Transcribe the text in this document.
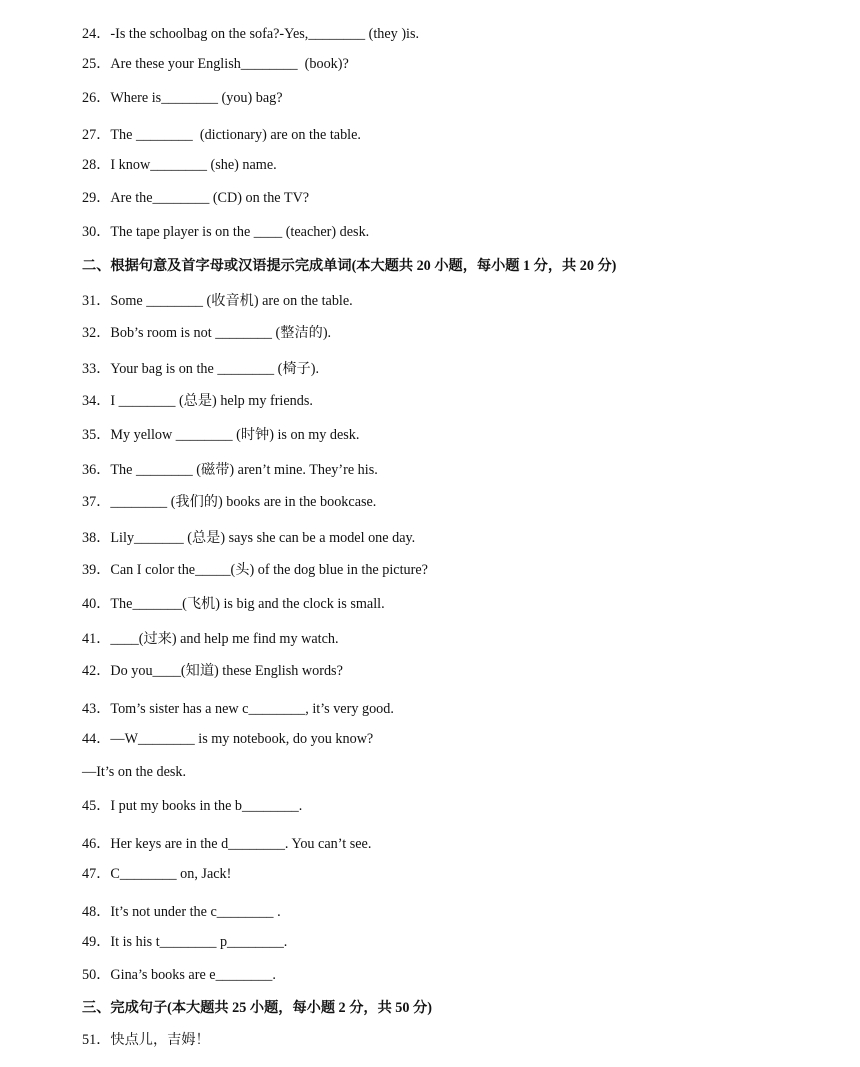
24．-Is the schoolbag on the sofa?-Yes,________ (they )is.
25．Are these your English________  (book)?
26．Where is________ (you) bag?
27．The ________  (dictionary) are on the table.
28．I know________ (she) name.
29．Are the________ (CD) on the TV?
30．The tape player is on the ____ (teacher) desk.
二、根据句意及首字母或汉语提示完成单词(本大题共 20 小题，每小题 1 分，共 20 分)
31．Some ________ (收音机) are on the table.
32．Bob’s room is not ________ (整洁的).
33．Your bag is on the ________ (椅子).
34．I ________ (总是) help my friends.
35．My yellow ________ (时钟) is on my desk.
36．The ________ (磁带) aren’t mine. They’re his.
37．________ (我们的) books are in the bookcase.
38．Lily_______ (总是) says she can be a model one day.
39．Can I color the_____(头) of the dog blue in the picture?
40．The_______(飞机) is big and the clock is small.
41．____(过来) and help me find my watch.
42．Do you____(知道) these English words?
43．Tom’s sister has a new c________, it’s very good.
44．—W________ is my notebook, do you know?
—It’s on the desk.
45．I put my books in the b________.
46．Her keys are in the d________. You can’t see.
47．C________ on, Jack!
48．It’s not under the c________ .
49．It is his t________ p________.
50．Gina’s books are e________.
三、完成句子(本大题共 25 小题，每小题 2 分，共 50 分)
51．快点儿，吉姆！
